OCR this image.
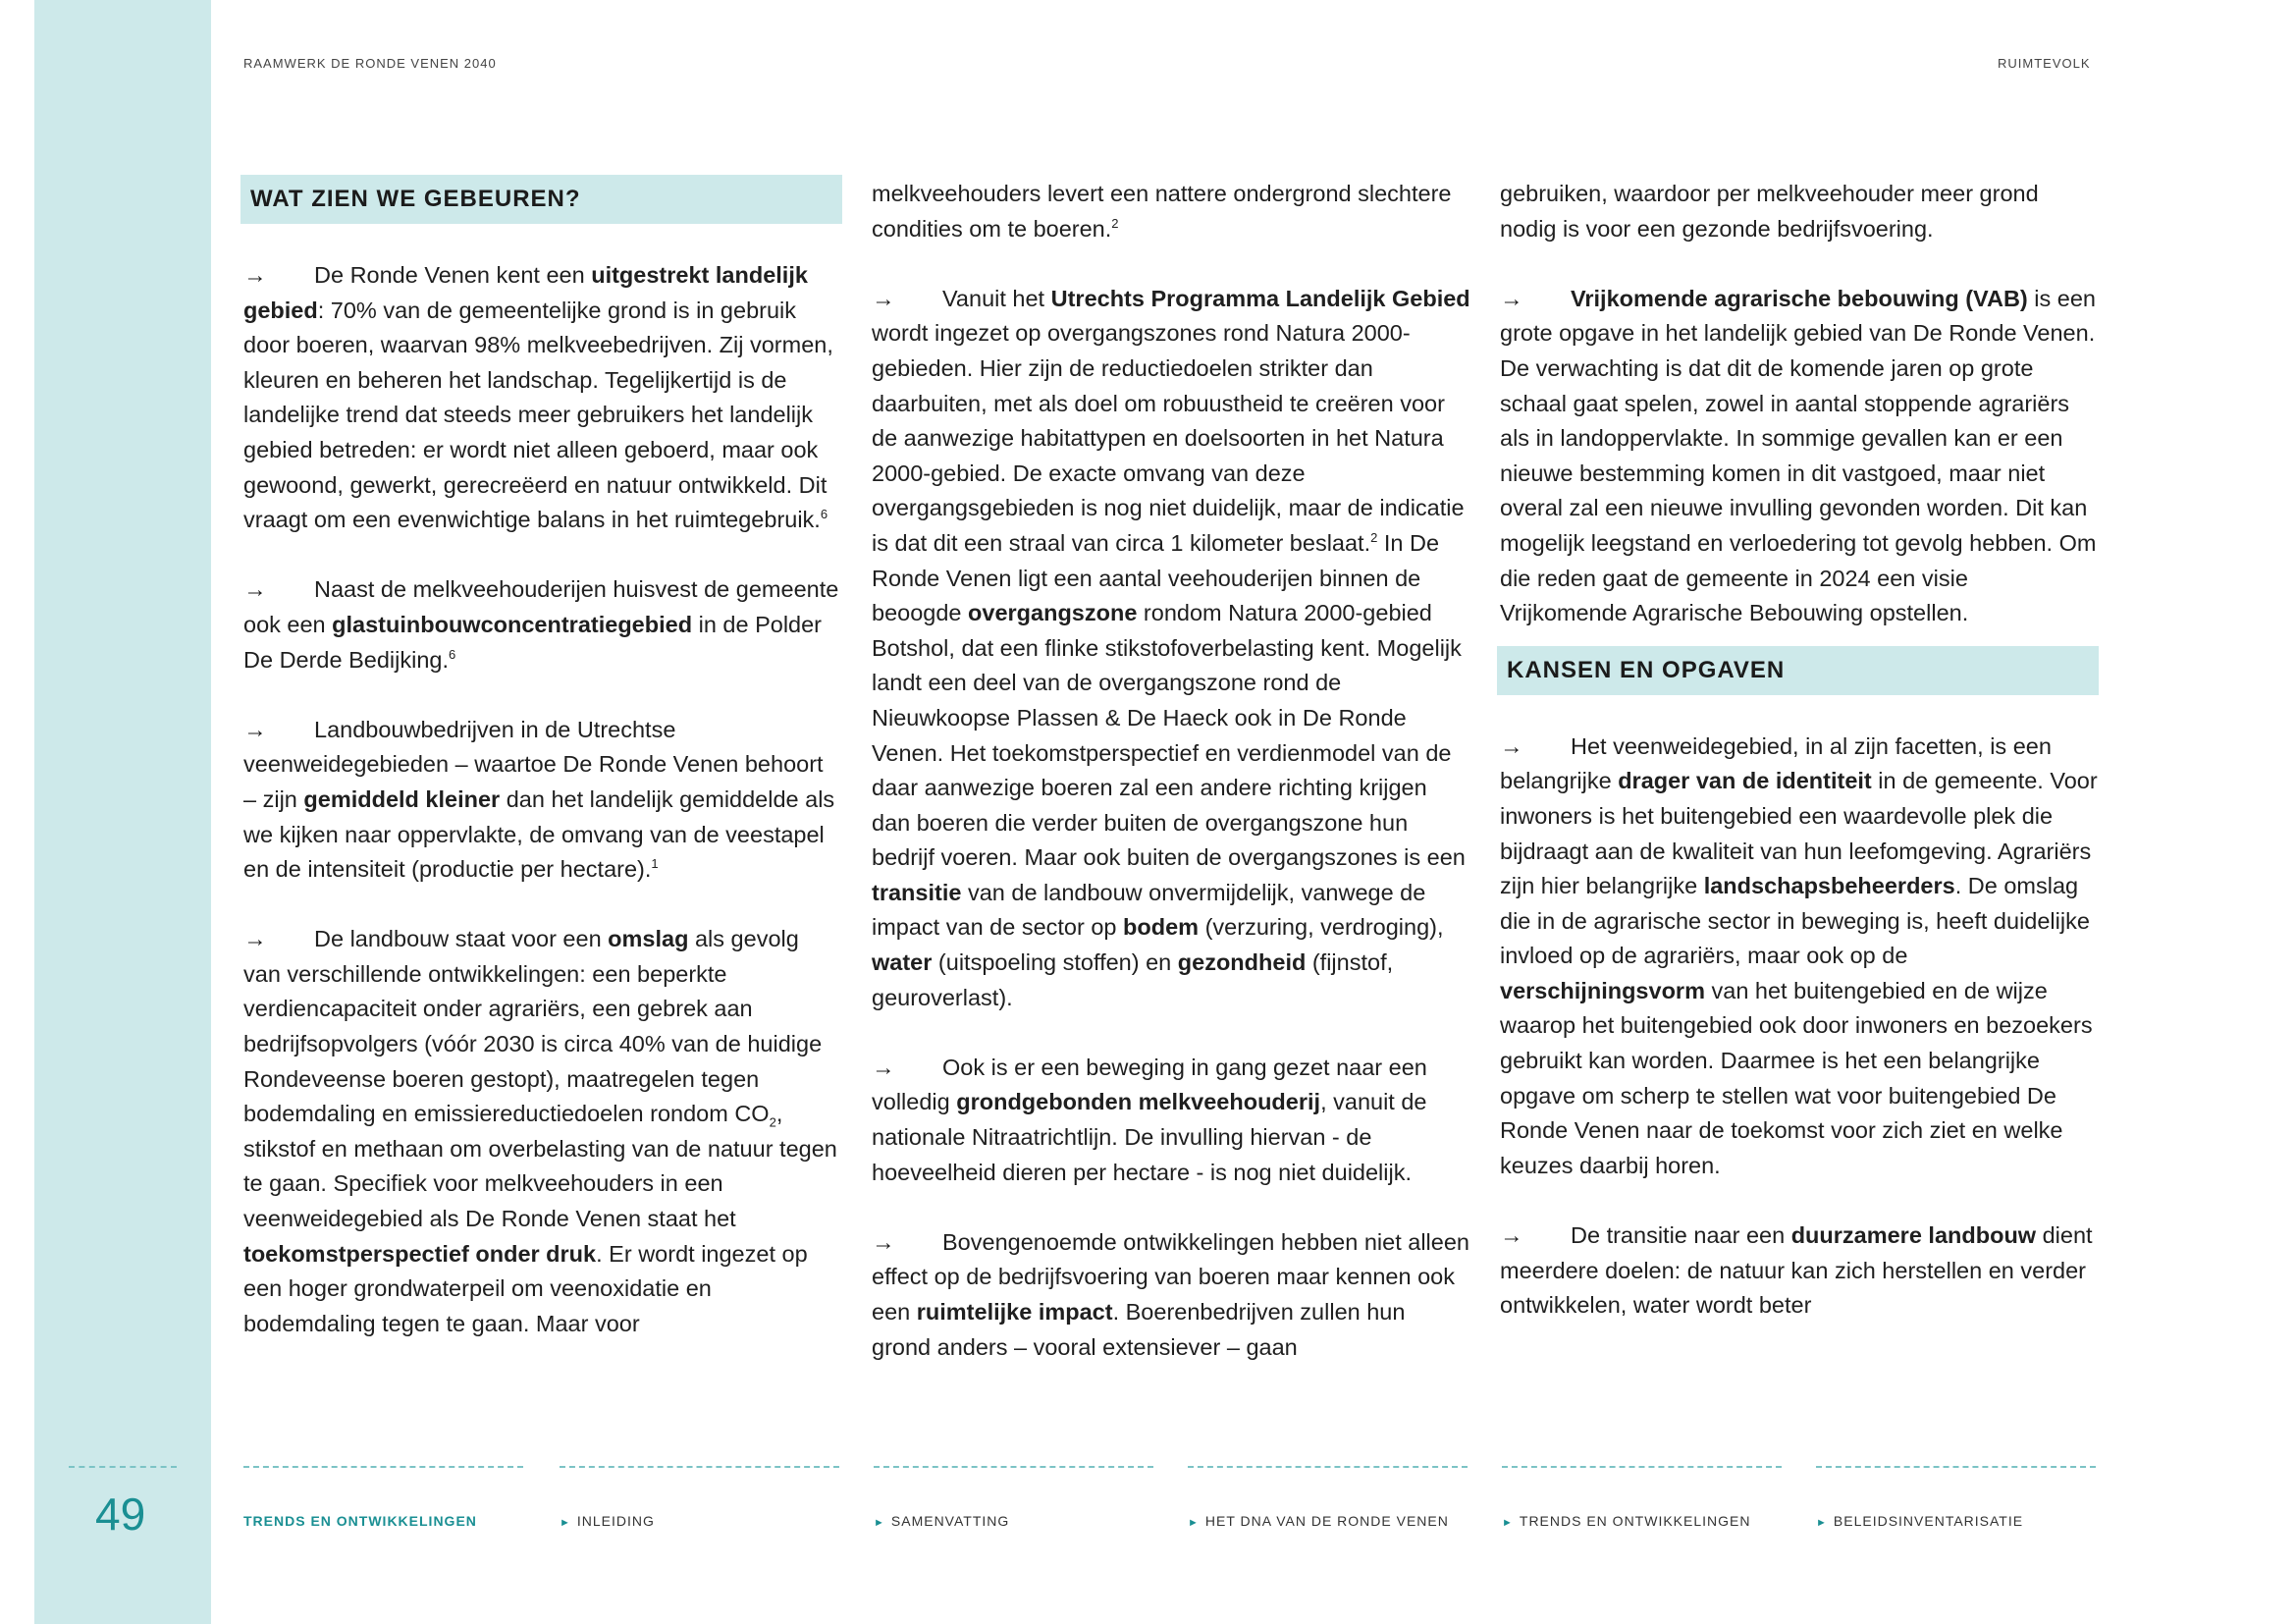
49
RAAMWERK DE RONDE VENEN 2040	RUIMTEVOLK
WAT ZIEN WE GEBEUREN?

→ De Ronde Venen kent een uitgestrekt landelijk gebied: 70% van de gemeentelijke grond is in gebruik door boeren, waarvan 98% melkveebedrijven. Zij vormen, kleuren en beheren het landschap. Tegelijkertijd is de landelijke trend dat steeds meer gebruikers het landelijk gebied betreden: er wordt niet alleen geboerd, maar ook gewoond, gewerkt, gerecreëerd en natuur ontwikkeld. Dit vraagt om een evenwichtige balans in het ruimtegebruik.$^6$

→ Naast de melkveehouderijen huisvest de gemeente ook een glastuinbouwconcentratiegebied in de Polder De Derde Bedijking.$^6$

→ Landbouwbedrijven in de Utrechtse veenweidegebieden – waartoe De Ronde Venen behoort – zijn gemiddeld kleiner dan het landelijk gemiddelde als we kijken naar oppervlakte, de omvang van de veestapel en de intensiteit (productie per hectare).$^1$

→ De landbouw staat voor een omslag als gevolg van verschillende ontwikkelingen: een beperkte verdiencapaciteit onder agrariërs, een gebrek aan bedrijfsopvolgers (vóór 2030 is circa 40% van de huidige Rondeveense boeren gestopt), maatregelen tegen bodemdaling en emissiereductiedoelen rondom $CO_2$, stikstof en methaan om overbelasting van de natuur tegen te gaan. Specifiek voor melkveehouders in een veenweidegebied als De Ronde Venen staat het toekomstperspectief onder druk. Er wordt ingezet op een hoger grondwaterpeil om veenoxidatie en bodemdaling tegen te gaan. Maar voor

melkveehouders levert een nattere ondergrond slechtere condities om te boeren.$^2$

→ Vanuit het Utrechts Programma Landelijk Gebied wordt ingezet op overgangszones rond Natura 2000-gebieden. Hier zijn de reductiedoelen strikter dan daarbuiten, met als doel om robuustheid te creëren voor de aanwezige habitattypen en doelsoorten in het Natura 2000-gebied. De exacte omvang van deze overgangsgebieden is nog niet duidelijk, maar de indicatie is dat dit een straal van circa 1 kilometer beslaat.$^2$ In De Ronde Venen ligt een aantal veehouderijen binnen de beoogde overgangszone rondom Natura 2000-gebied Botshol, dat een flinke stikstofoverbelasting kent. Mogelijk landt een deel van de overgangszone rond de Nieuwkoopse Plassen & De Haeck ook in De Ronde Venen. Het toekomstperspectief en verdienmodel van de daar aanwezige boeren zal een andere richting krijgen dan boeren die verder buiten de overgangszone hun bedrijf voeren. Maar ook buiten de overgangszones is een transitie van de landbouw onvermijdelijk, vanwege de impact van de sector op bodem (verzuring, verdroging), water (uitspoeling stoffen) en gezondheid (fijnstof, geuroverlast).

→ Ook is er een beweging in gang gezet naar een volledig grondgebonden melkveehouderij, vanuit de nationale Nitraatrichtlijn. De invulling hiervan - de hoeveelheid dieren per hectare - is nog niet duidelijk.

→ Bovengenoemde ontwikkelingen hebben niet alleen effect op de bedrijfsvoering van boeren maar kennen ook een ruimtelijke impact. Boerenbedrijven zullen hun grond anders – vooral extensiever – gaan

gebruiken, waardoor per melkveehouder meer grond nodig is voor een gezonde bedrijfsvoering.

→ Vrijkomende agrarische bebouwing (VAB) is een grote opgave in het landelijk gebied van De Ronde Venen. De verwachting is dat dit de komende jaren op grote schaal gaat spelen, zowel in aantal stoppende agrariërs als in landoppervlakte. In sommige gevallen kan er een nieuwe bestemming komen in dit vastgoed, maar niet overal zal een nieuwe invulling gevonden worden. Dit kan mogelijk leegstand en verloedering tot gevolg hebben. Om die reden gaat de gemeente in 2024 een visie Vrijkomende Agrarische Bebouwing opstellen.

KANSEN EN OPGAVEN

→ Het veenweidegebied, in al zijn facetten, is een belangrijke drager van de identiteit in de gemeente. Voor inwoners is het buitengebied een waardevolle plek die bijdraagt aan de kwaliteit van hun leefomgeving. Agrariërs zijn hier belangrijke landschapsbeheerders. De omslag die in de agrarische sector in beweging is, heeft duidelijke invloed op de agrariërs, maar ook op de verschijningsvorm van het buitengebied en de wijze waarop het buitengebied ook door inwoners en bezoekers gebruikt kan worden. Daarmee is het een belangrijke opgave om scherp te stellen wat voor buitengebied De Ronde Venen naar de toekomst voor zich ziet en welke keuzes daarbij horen.

→ De transitie naar een duurzamere landbouw dient meerdere doelen: de natuur kan zich herstellen en verder ontwikkelen, water wordt beter

TRENDS EN ONTWIKKELINGEN	► INLEIDING	► SAMENVATTING	► HET DNA VAN DE RONDE VENEN	► TRENDS EN ONTWIKKELINGEN	► BELEIDSINVENTARISATIE
